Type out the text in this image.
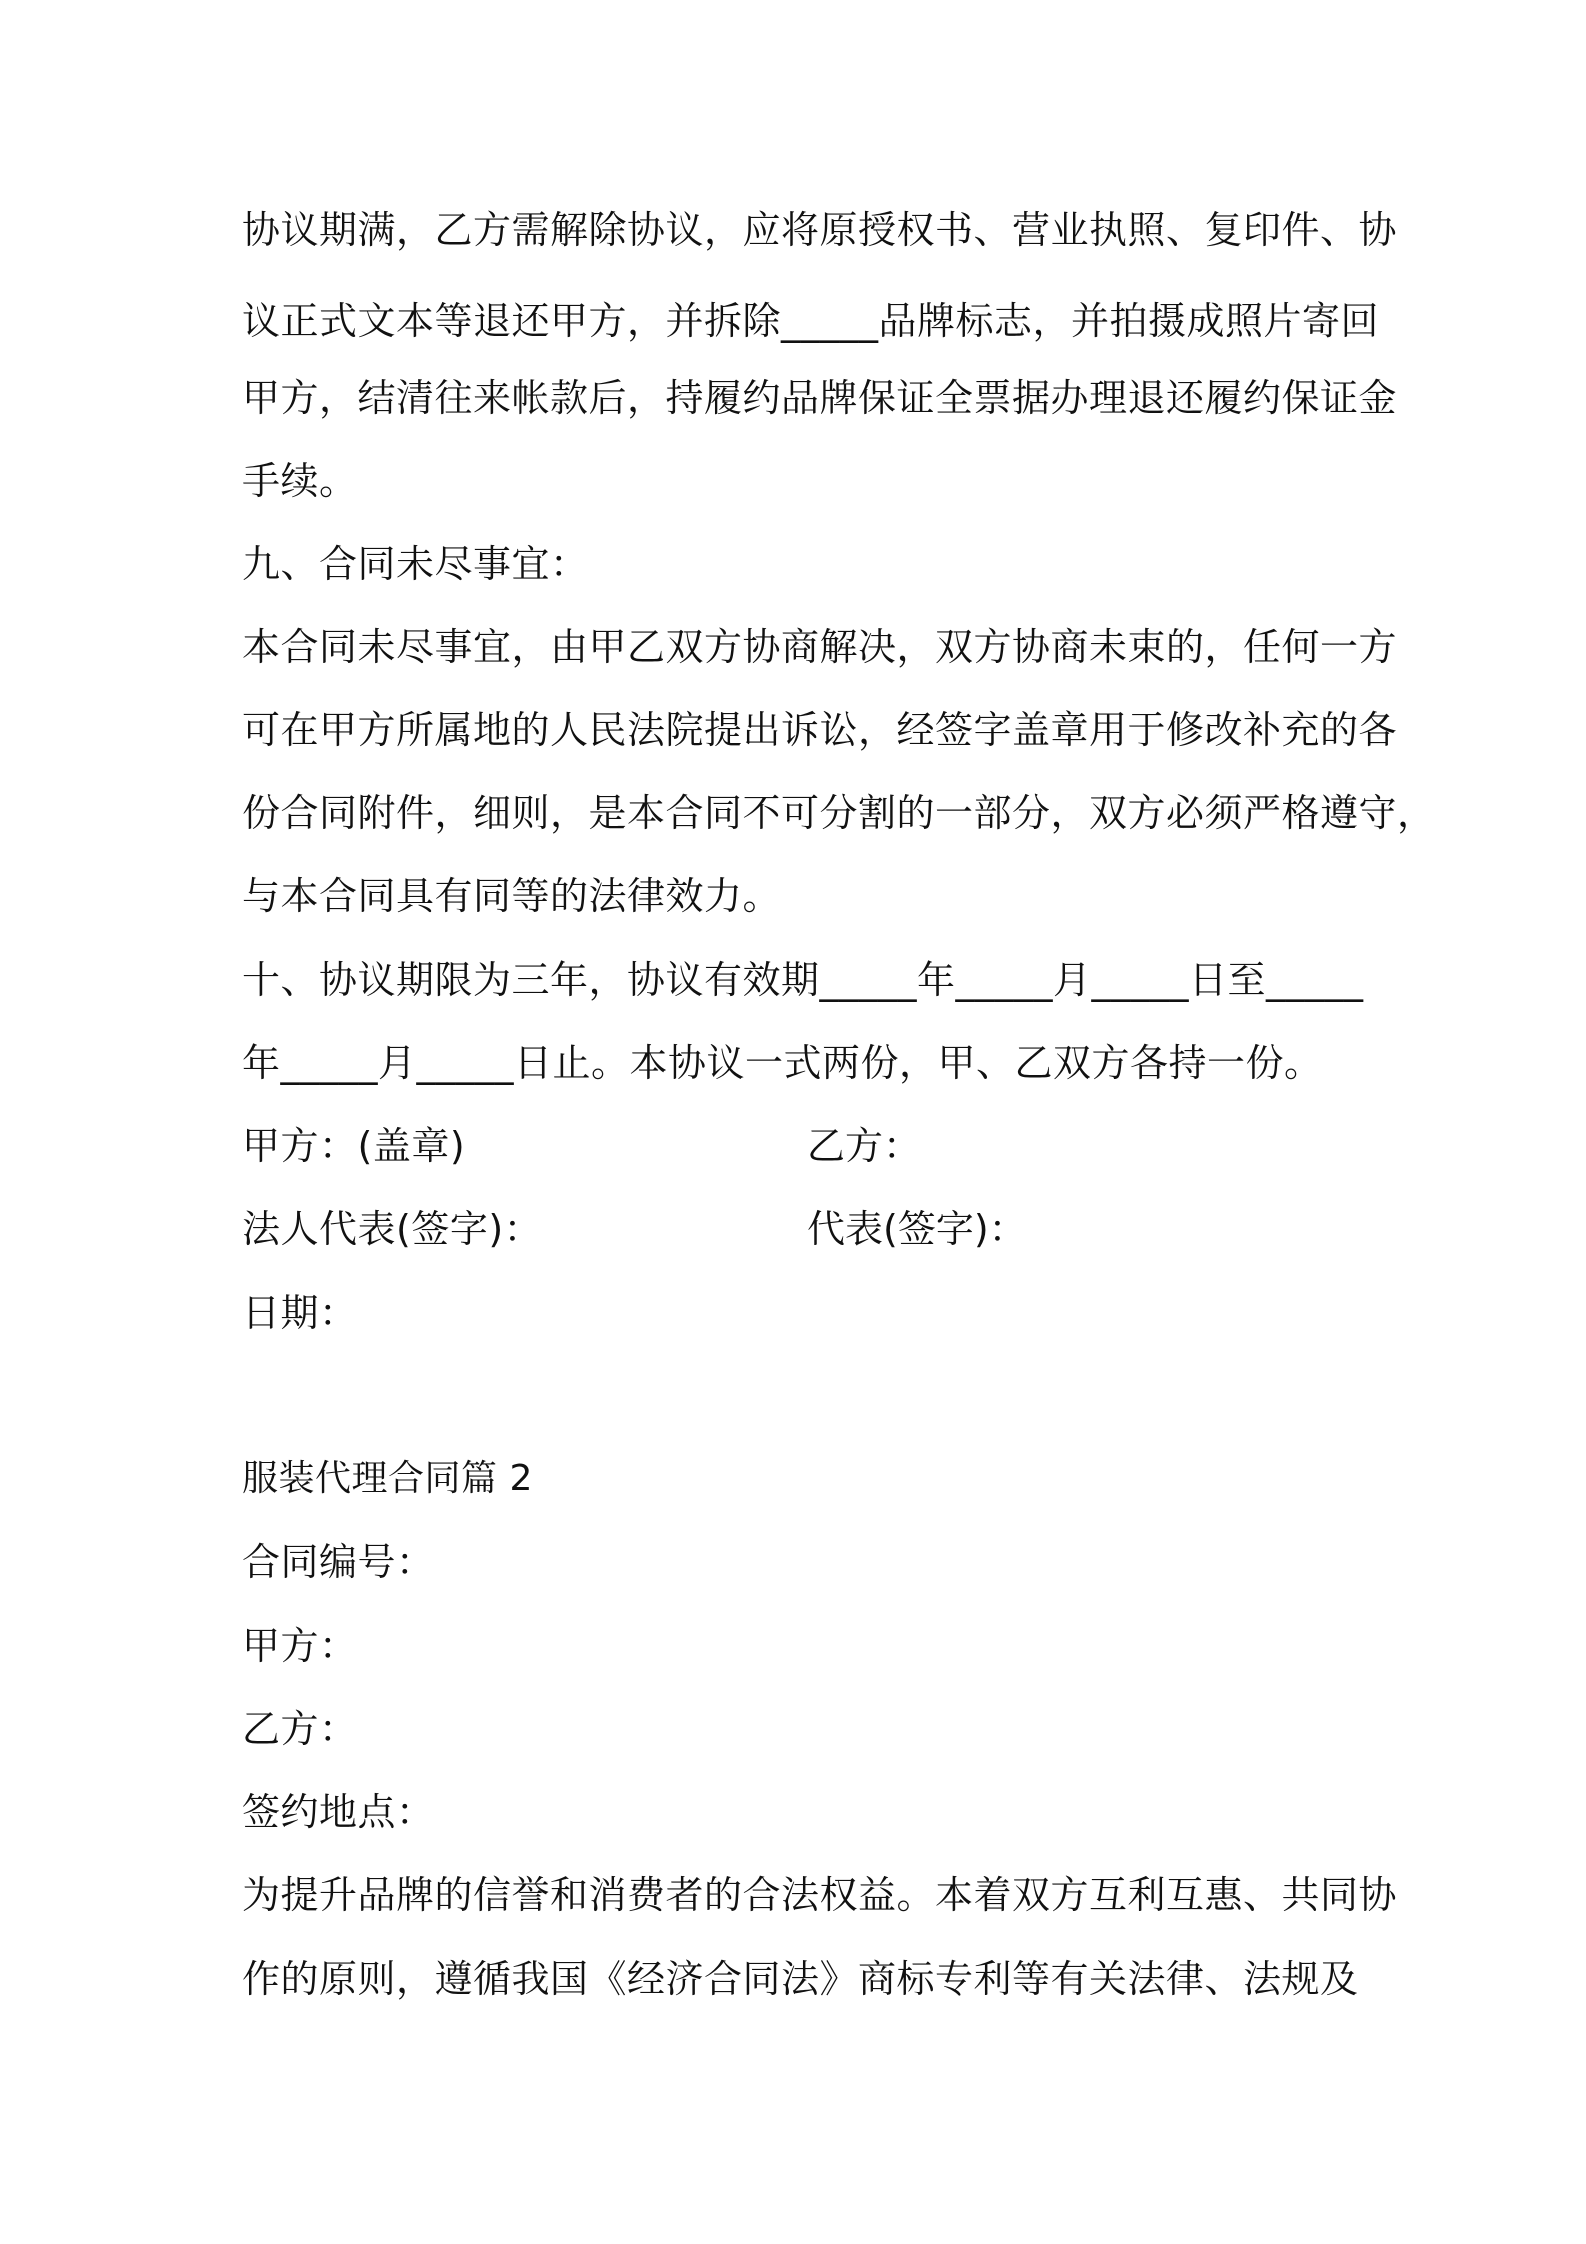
协议期满，乙方需解除协议，应将原授权书、营业执照、复印件、协
议正式文本等退还甲方，并拆除_____品牌标志，并拍摄成照片寄回
甲方，结清往来帐款后，持履约品牌保证全票据办理退还履约保证金
手续。
九、合同未尽事宜：
本合同未尽事宜，由甲乙双方协商解决，双方协商未束的，任何一方
可在甲方所属地的人民法院提出诉讼，经签字盖章用于修改补充的各
份合同附件，细则，是本合同不可分割的一部分，双方必须严格遵守，
与本合同具有同等的法律效力。
十、协议期限为三年，协议有效期_____年_____月_____日至_____
年_____月_____日止。本协议一式两份，甲、乙双方各持一份。
甲方：(盖章)	乙方：
法人代表(签字)：	代表(签字)：
日期：
服装代理合同篇 2
合同编号：
甲方：
乙方：
签约地点：
为提升品牌的信誉和消费者的合法权益。本着双方互利互惠、共同协
作的原则，遵循我国《经济合同法》商标专利等有关法律、法规及
